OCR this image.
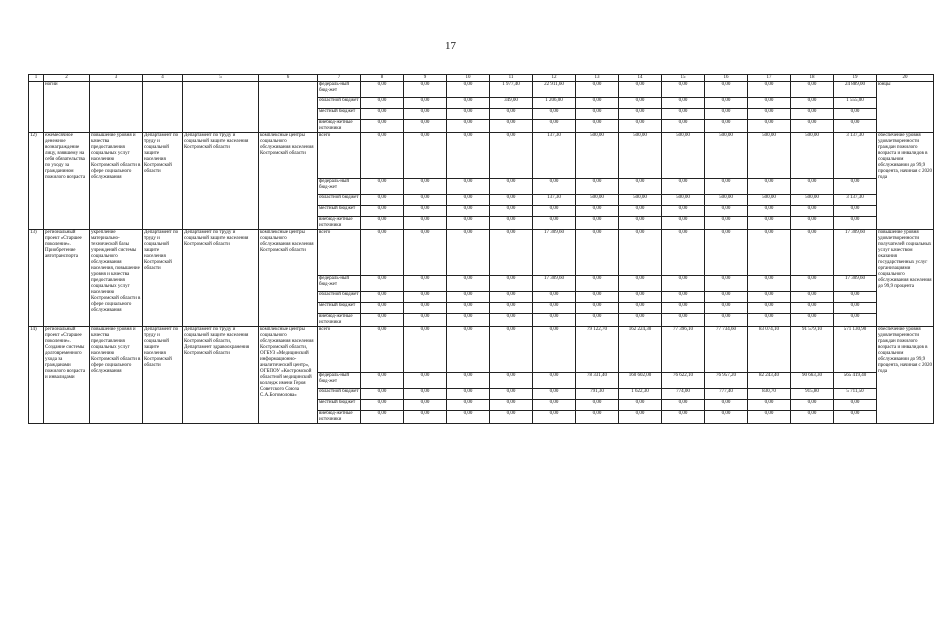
17
1	2	3	4	5	6	7	8	9	10	11	12	13	14	15	16	17	18	19	20
	ногии					федераль-ный бюд-жет	0,00	0,00	0,00	1 977,40	22 911,60	0,00	0,00	0,00	0,00	0,00	0,00	24 889,00	юнцы
						областной бюджет	0,00	0,00	0,00	349,00	1 206,00	0,00	0,00	0,00	0,00	0,00	0,00	1 555,00	
						местный бюджет	0,00	0,00	0,00	0,00	0,00	0,00	0,00	0,00	0,00	0,00	0,00	0,00	
						внебюд-жетные источники	0,00	0,00	0,00	0,00	0,00	0,00	0,00	0,00	0,00	0,00	0,00	0,00	
12)	ежемесячное денежное вознаграждение лицу, взявшему на себя обязательства по уходу за гражданином пожилого возраста	повышение уровня и качества предоставления социальных услуг населению Костромской области в сфере социального обслуживания	Департамент по труду и социальной защите населения Костромской области	Департамент по труду и социальной защите населения Костромской области	комплексные центры социального обслуживания населения Костромской области	всего	0,00	0,00	0,00	0,00	137,30	500,00	500,00	500,00	500,00	500,00	500,00	3 137,30	обеспечение уровня удовлетворенности граждан пожилого возраста и инвалидов в социальном обслуживании до 99,9 процента, начиная с 2020 года
						федераль-ный бюд-жет	0,00	0,00	0,00	0,00	0,00	0,00	0,00	0,00	0,00	0,00	0,00	0,00	
						областной бюджет	0,00	0,00	0,00	0,00	137,30	500,00	500,00	500,00	500,00	500,00	500,00	3 137,30	
						местный бюджет	0,00	0,00	0,00	0,00	0,00	0,00	0,00	0,00	0,00	0,00	0,00	0,00	
						внебюд-жетные источники	0,00	0,00	0,00	0,00	0,00	0,00	0,00	0,00	0,00	0,00	0,00	0,00	
13)	региональный проект «Старшее поколение». Приобретение автотранспорта	укрепление материально-технической базы учреждений системы социального обслуживания населения, повышение уровня и качества предоставления социальных услуг населению Костромской области в сфере социального обслуживания	Департамент по труду и социальной защите населения Костромской области	Департамент по труду и социальной защите населения Костромской области	комплексные центры социального обслуживания населения Костромской области	всего	0,00	0,00	0,00	0,00	17 309,60	0,00	0,00	0,00	0,00	0,00	0,00	17 309,60	повышение уровня удовлетворенности получателей социальных услуг качеством оказания государственных услуг организациями социального обслуживания населения до 99,9 процента
						федераль-ный бюд-жет	0,00	0,00	0,00	0,00	17 309,60	0,00	0,00	0,00	0,00	0,00	0,00	17 309,60	
						областной бюджет	0,00	0,00	0,00	0,00	0,00	0,00	0,00	0,00	0,00	0,00	0,00	0,00	
						местный бюджет	0,00	0,00	0,00	0,00	0,00	0,00	0,00	0,00	0,00	0,00	0,00	0,00	
						внебюд-жетные источники	0,00	0,00	0,00	0,00	0,00	0,00	0,00	0,00	0,00	0,00	0,00	0,00	
14)	региональный проект «Старшее поколение». Создание системы долговременного ухода за гражданами пожилого возраста и инвалидами	повышение уровня и качества предоставления социальных услуг населению Костромской области в сфере социального обслуживания	Департамент по труду и социальной защите населения Костромской области	Департамент по труду и социальной защите населения Костромской области, Департамент здравоохранения Костромской области	комплексные центры социального обслуживания населения Костромской области, ОГБУЗ «Медицинский информационно-аналитический центр», ОГБПОУ «Костромской областной медицинский колледж имени Героя Советского Союза С.А.Богомолова»	всего	0,00	0,00	0,00	0,00	0,00	79 122,70	162 224,30	77 396,10	77 734,60	83 074,10	91 579,10	571 130,90	обеспечение уровня удовлетворенности граждан пожилого возраста и инвалидов в социальном обслуживании до 99,9 процента, начиная с 2020 года
						федераль-ный бюд-жет	0,00	0,00	0,00	0,00	0,00	78 331,40	160 602,00	76 622,10	76 957,20	82 243,40	90 663,30	565 419,40	
						областной бюджет	0,00	0,00	0,00	0,00	0,00	791,30	1 622,30	774,00	777,40	830,70	915,80	5 711,50	
						местный бюджет	0,00	0,00	0,00	0,00	0,00	0,00	0,00	0,00	0,00	0,00	0,00	0,00	
						внебюд-жетные источники	0,00	0,00	0,00	0,00	0,00	0,00	0,00	0,00	0,00	0,00	0,00	0,00	
